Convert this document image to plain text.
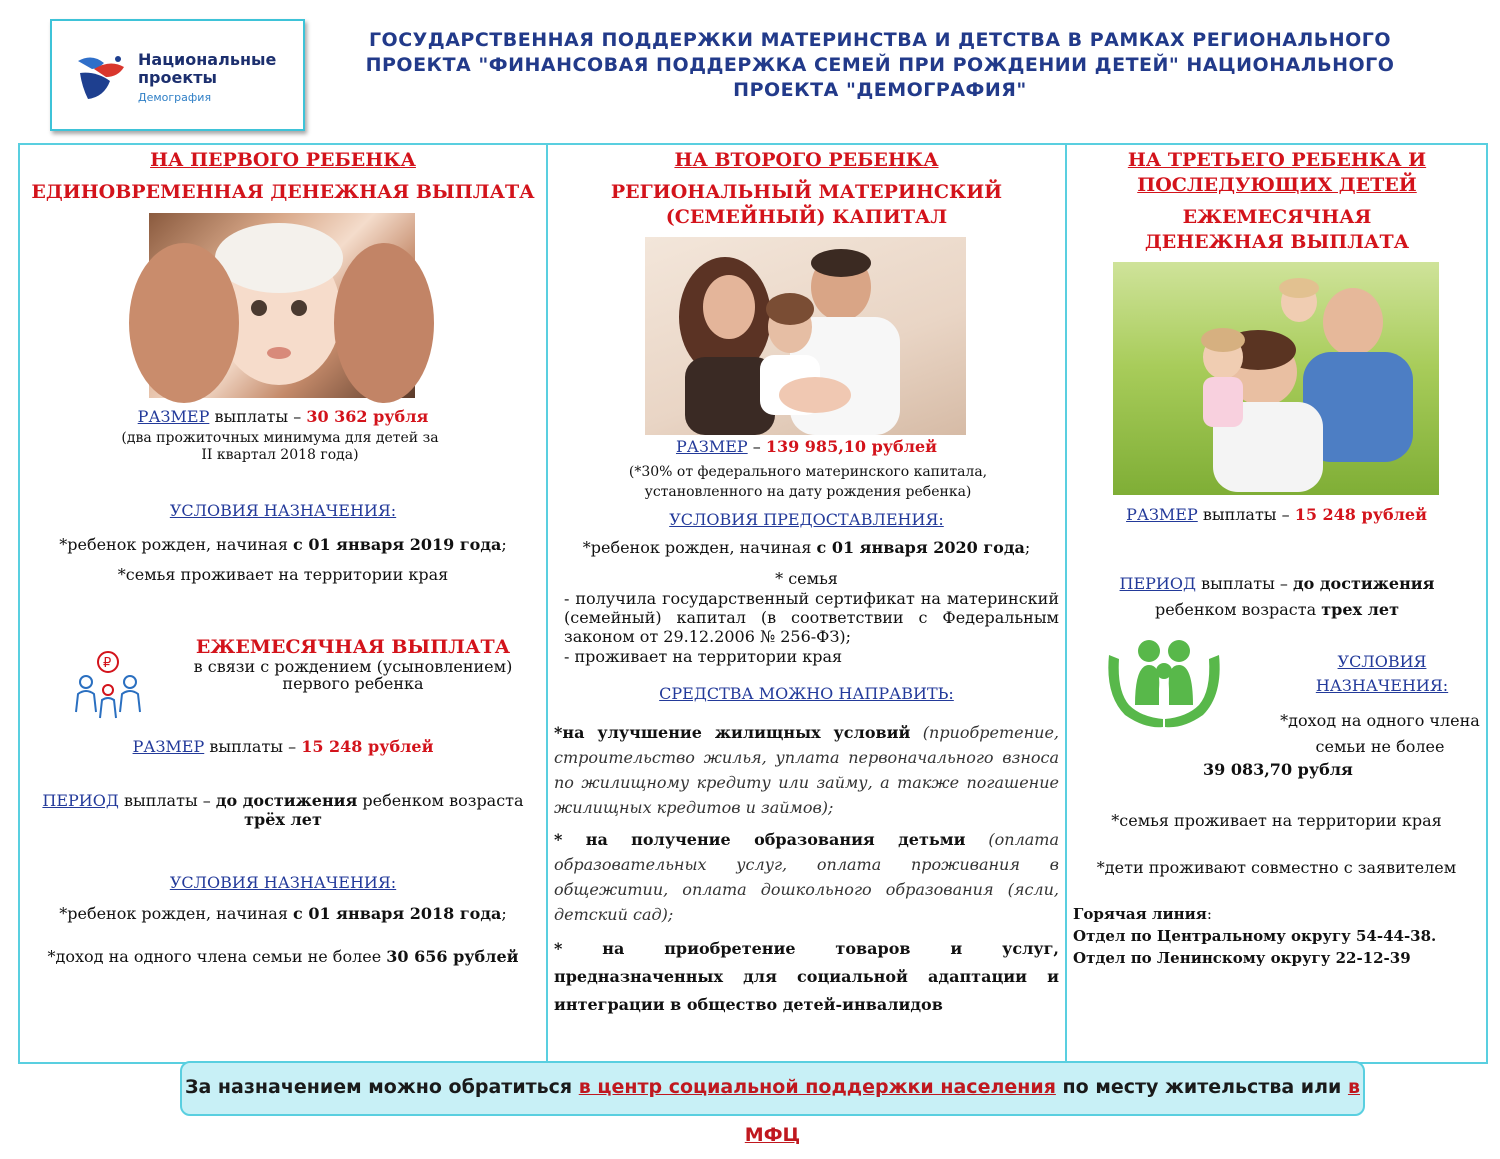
Национальные
проекты
Демография
ГОСУДАРСТВЕННАЯ ПОДДЕРЖКИ МАТЕРИНСТВА И ДЕТСТВА В РАМКАХ РЕГИОНАЛЬНОГО ПРОЕКТА "ФИНАНСОВАЯ ПОДДЕРЖКА СЕМЕЙ ПРИ РОЖДЕНИИ ДЕТЕЙ" НАЦИОНАЛЬНОГО ПРОЕКТА "ДЕМОГРАФИЯ"
НА ПЕРВОГО РЕБЕНКА
ЕДИНОВРЕМЕННАЯ ДЕНЕЖНАЯ ВЫПЛАТА
РАЗМЕР выплаты – 30 362 рубля
(два прожиточных минимума для детей за II квартал 2018 года)
УСЛОВИЯ НАЗНАЧЕНИЯ:
*ребенок рожден, начиная с 01 января 2019 года;
*семья проживает на территории края
₽
ЕЖЕМЕСЯЧНАЯ ВЫПЛАТА
в связи с рождением (усыновлением) первого ребенка
РАЗМЕР выплаты – 15 248 рублей
ПЕРИОД выплаты – до достижения ребенком возраста трёх лет
УСЛОВИЯ НАЗНАЧЕНИЯ:
*ребенок рожден, начиная с 01 января 2018 года;
*доход на одного члена семьи не более 30 656 рублей
НА ВТОРОГО РЕБЕНКА
РЕГИОНАЛЬНЫЙ МАТЕРИНСКИЙ (СЕМЕЙНЫЙ) КАПИТАЛ
РАЗМЕР – 139 985,10 рублей
(*30% от федерального материнского капитала, установленного на дату рождения ребенка)
УСЛОВИЯ ПРЕДОСТАВЛЕНИЯ:
*ребенок рожден, начиная с 01 января 2020 года;
* семья
- получила государственный сертификат на материнский (семейный) капитал (в соответствии с Федеральным законом от 29.12.2006 № 256-ФЗ);
- проживает на территории края
СРЕДСТВА МОЖНО НАПРАВИТЬ:
*на улучшение жилищных условий (приобретение, строительство жилья, уплата первоначального взноса по жилищному кредиту или займу, а также погашение жилищных кредитов и займов);
* на получение образования детьми (оплата образовательных услуг, оплата проживания в общежитии, оплата дошкольного образования (ясли, детский сад);
* на приобретение товаров и услуг, предназначенных для социальной адаптации и интеграции в общество детей-инвалидов
НА ТРЕТЬЕГО РЕБЕНКА И ПОСЛЕДУЮЩИХ ДЕТЕЙ
ЕЖЕМЕСЯЧНАЯ ДЕНЕЖНАЯ ВЫПЛАТА
РАЗМЕР выплаты – 15 248 рублей
ПЕРИОД выплаты – до достижения ребенком возраста трех лет
УСЛОВИЯ НАЗНАЧЕНИЯ:
*доход на одного члена семьи не более
39 083,70 рубля
*семья проживает на территории края
*дети проживают совместно с заявителем
Горячая линия:
Отдел по Центральному округу 54-44-38.
Отдел по Ленинскому округу 22-12-39
За назначением можно обратиться в центр социальной поддержки населения по месту жительства или в МФЦ
